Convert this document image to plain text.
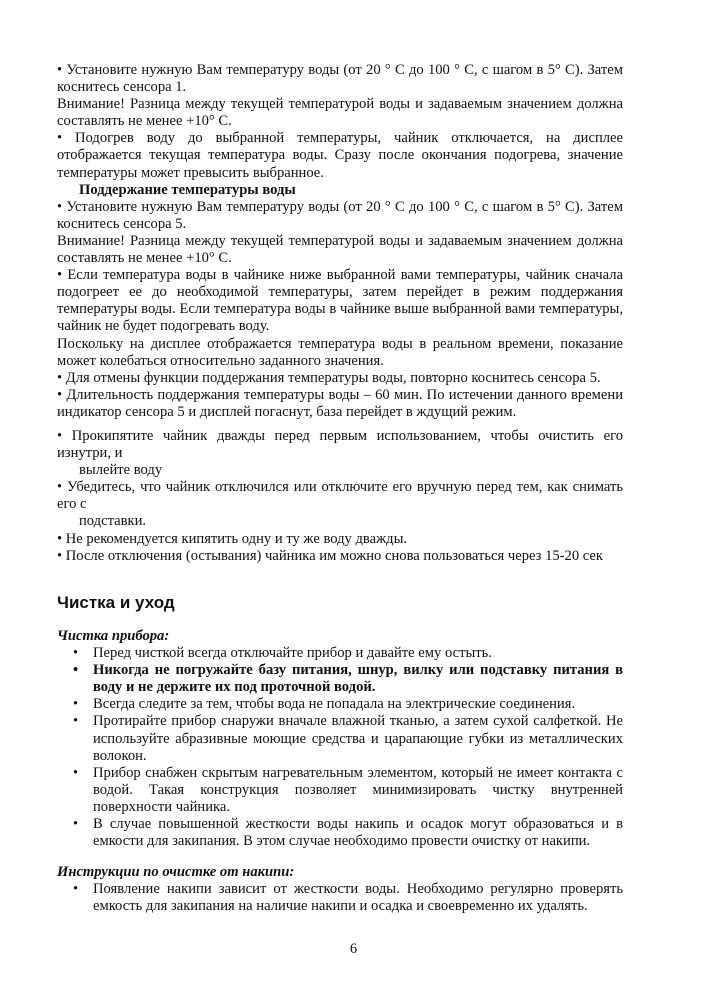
• Установите нужную Вам температуру воды (от 20 ° С до 100 ° С, с шагом в 5° С). Затем коснитесь сенсора 1.

Внимание! Разница между текущей температурой воды и задаваемым значением должна составлять не менее +10° С.

• Подогрев воду до выбранной температуры, чайник отключается, на дисплее отображается текущая температура воды. Сразу после окончания подогрева, значение температуры может превысить выбранное.

Поддержание температуры воды

• Установите нужную Вам температуру воды (от 20 ° С до 100 ° С, с шагом в 5° С). Затем коснитесь сенсора 5.

Внимание! Разница между текущей температурой воды и задаваемым значением должна составлять не менее +10° С.

• Если температура воды в чайнике ниже выбранной вами температуры, чайник сначала подогреет ее до необходимой температуры, затем перейдет в режим поддержания температуры воды. Если температура воды в чайнике выше выбранной вами температуры, чайник не будет подогревать воду.

Поскольку на дисплее отображается температура воды в реальном времени, показание может колебаться относительно заданного значения.

• Для отмены функции поддержания температуры воды, повторно коснитесь сенсора 5.

• Длительность поддержания температуры воды – 60 мин. По истечении данного времени индикатор сенсора 5 и дисплей погаснут, база перейдет в ждущий режим.

• Прокипятите чайник дважды перед первым использованием, чтобы очистить его изнутри, и

вылейте воду

• Убедитесь, что чайник отключился или отключите его вручную перед тем, как снимать его с

подставки.

• Не рекомендуется кипятить одну и ту же воду дважды.

• После отключения (остывания) чайника им можно снова пользоваться через 15-20 сек

Чистка и уход
Чистка прибора:
• Перед чисткой всегда отключайте прибор и давайте ему остыть.
• Никогда не погружайте базу питания, шнур, вилку или подставку питания в воду и не держите их под проточной водой.
• Всегда следите за тем, чтобы вода не попадала на электрические соединения.
• Протирайте прибор снаружи вначале влажной тканью, а затем сухой салфеткой. Не используйте абразивные моющие средства и царапающие губки из металлических волокон.
• Прибор снабжен скрытым нагревательным элементом, который не имеет контакта с водой. Такая конструкция позволяет минимизировать чистку внутренней поверхности чайника.
• В случае повышенной жесткости воды накипь и осадок могут образоваться и в емкости для закипания. В этом случае необходимо провести очистку от накипи.
Инструкции по очистке от накипи:
• Появление накипи зависит от жесткости воды. Необходимо регулярно проверять емкость для закипания на наличие накипи и осадка и своевременно их удалять.
6
